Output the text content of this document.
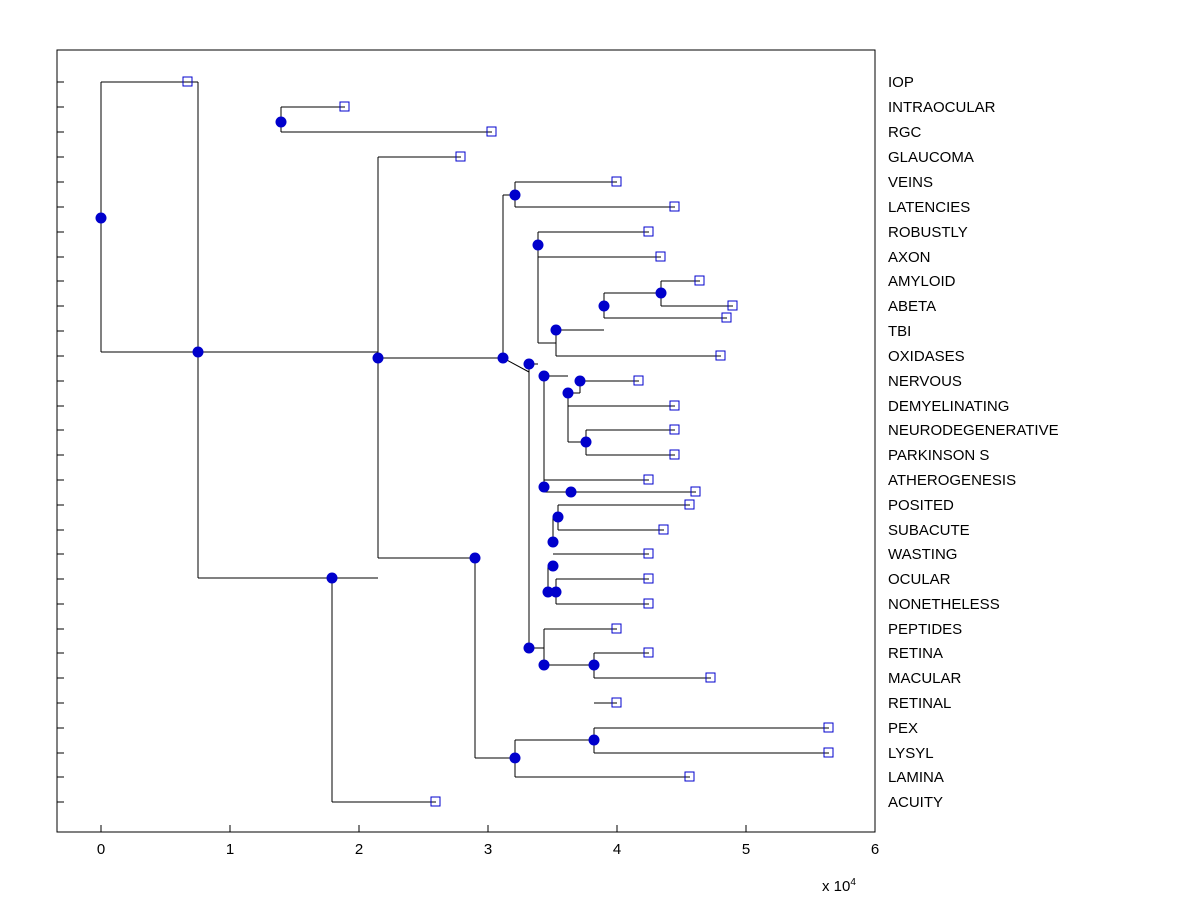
IOP
INTRAOCULAR
RGC
GLAUCOMA
VEINS
LATENCIES
ROBUSTLY
AXON
AMYLOID
ABETA
TBI
OXIDASES
NERVOUS
DEMYELINATING
NEURODEGENERATIVE
PARKINSON S
ATHEROGENESIS
POSITED
SUBACUTE
WASTING
OCULAR
NONETHELESS
PEPTIDES
RETINA
MACULAR
RETINAL
PEX
LYSYL
LAMINA
ACUITY
0	1	2	3	4	5	6
x $10^4$
